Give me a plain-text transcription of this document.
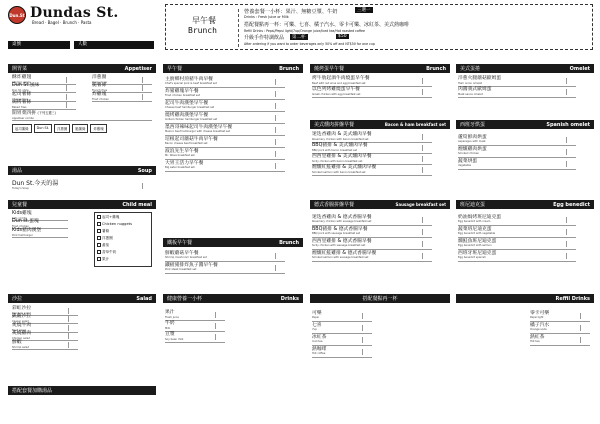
Dun.St Dundas St.
Bread · Bagel · Brunch · Pasta
桌號	人數
早午餐
Brunch
營養套餐一小杯：果汁、無糖豆漿、牛奶	三選一
Drinks : Fresh Juice or Milk
搭配餐點再一杯：可樂、七喜、橘子汽水、零卡可樂、冰紅茶、美式熱咖啡
Refill Drinks : Pepsi/Pepsi light/7up/Orange juice/Iced tea/Hot roasted coffee
升級手作特調飲品	第二杯	$50
After ordering if you want to order beverages only 50% off and NT$50 for one cup
開胃菜	Appetiser
酥炸雞翅
Chicken wings
Dun St.風味
Dun St. style
起司薯條
Cheese fries
焗烤薯條
Baked fries
洋蔥圈
Onion rings
脆薯條
French fries
炸雞塊
Fried chicken
開胃菜四拼 (下列五選三)
Appetiser combo
起司薯條	Dun St.	洋蔥圈	脆薯條	炸雞塊
湯品	Soup
Dun St.今天的湯
Today's Soup
兒童餐	Child meal
Kids雞塊
Kids combo
Dun st.蛋塊
Fried chicken
Kids豬肉漢堡
Pork hamburger
起司+雞塊
Chicken nuggets
薯條
洋蔥圈
番茄
香草牛奶
果汁
沙拉	Salad
彩虹沙拉
Rainbow salad
凱薩沙拉
Caesar salad
炙燒牛肉
Beef salad
炙燒雞肉
Chicken salad
鮮蝦
Shrimp salad
搭配套餐加購湯品
早午餐	Brunch
主廚鄉村煎豬牛肉早餐
Chef's special pork & beef breakfast set
炸豬雞塊早午餐
Fried chicken breakfast set
起司牛肉漢堡早午餐
Cheese beef hamburger breakfast set
燒烤雞肉漢堡早午餐
Grilled chicken hamburger breakfast set
墨西哥辣味起司牛肉漢堡早午餐
Mexico beef hamburger with cheese breakfast set
培根起司蘑菇牛肉早午餐
Bacon cheese beef breakfast set
波浪先生早午餐
Mr. Wave breakfast set
大胃王活力早午餐
Big eater breakfast set
鐵板早午餐	Brunch
鮮蝦蘑菇早午餐
Shrimp mushroom breakfast set
鐵板豬排炸魚子醬早午餐
Pork steak breakfast set
健康營養一小杯	Drinks
果汁
Fresh juice
牛奶
Milk
豆漿
Soy bean milk
燒烤蛋早午餐	Brunch
烤牛肋起酒牛肉燒蛋早午餐
Beef with red wine and egg breakfast set
以色列烤雞燒蛋早午餐
Israeli chicken with egg breakfast set
美式燻肉拼盤早餐	Bacon & ham breakfast set
迷迭香雞肉 & 美式燻肉早餐
Rosemary chicken with bacon breakfast set
BBQ豬排 & 美式燻肉早餐
BBQ pork with bacon breakfast set
西西里雞排 & 美式燻肉早餐
Sicily chicken with bacon breakfast set
煙燻紅鮭雞排 & 美式燻肉早餐
Smoked salmon with bacon breakfast set
德式香腸拼盤早餐	Sausage breakfast set
迷迭香雞肉 & 德式香腸早餐
Rosemary chicken with sausage breakfast set
BBQ豬排 & 德式香腸早餐
BBQ pork with sausage breakfast set
西西里雞排 & 德式香腸早餐
Sicily chicken with sausage breakfast set
煙燻紅鮭雞排 & 德式香腸早餐
Smoked salmon with sausage breakfast set
搭配餐點再一杯
美式蛋捲	Omelet
洋蔥火腿蘑菇歐姆蛋
Ham onion omelet
肉醬義式歐姆蛋
Meat sauce omelet
西班牙烘蛋	Spanish omelet
蘆筍鮮肉烘蛋
Asparagus with meat
煙燻雞肉烘蛋
Smoked chicken
蔬菜烘蛋
Vegetable
班尼迪克蛋	Egg benedict
奶油焗烤班尼迪克蛋
Egg benedict with cream
蔬菜班尼迪克蛋
Egg benedict with vegetable
燻鮭魚班尼迪克蛋
Egg benedict with salmon
西班牙班尼迪克蛋
Egg benedict spanish
Reffil Drinks
可樂
Pepsi
七喜
7up
冰紅茶
Iced tea
熱咖啡
Hot coffee
零卡可樂
Pepsi light
橘子汽水
Orange soda
熱紅茶
Hot tea
